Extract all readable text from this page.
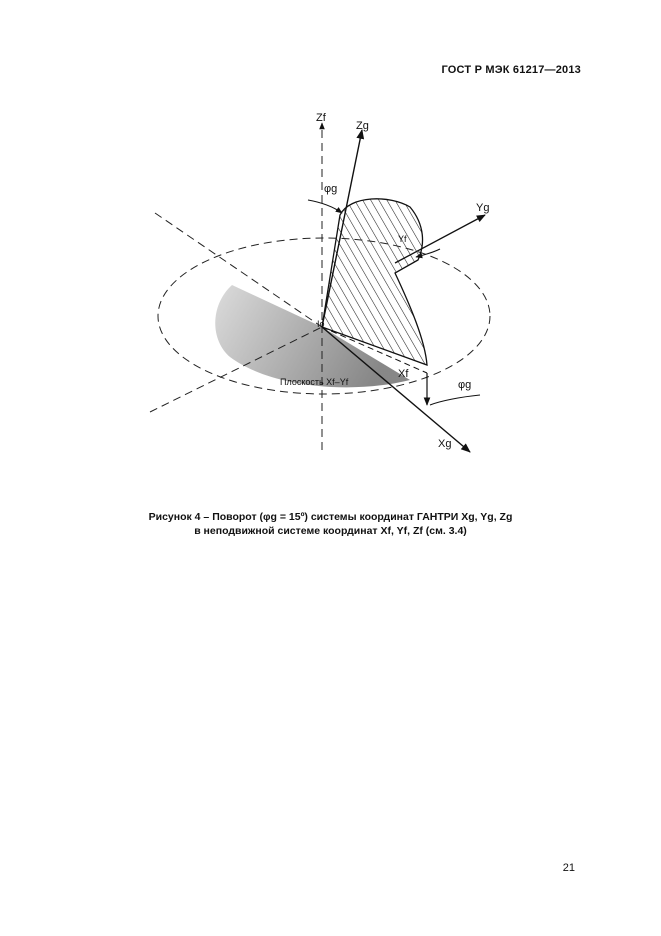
ГОСТ Р МЭК 61217—2013
Zf
Zg
Yg
Yf
Xf
Xg
Io
φg
φg
Плоскость Xf–Yf
Рисунок 4 – Поворот (φg = 15º) системы координат ГАНТРИ Xg, Yg, Zg
в неподвижной системе координат Xf, Yf, Zf (см. 3.4)
21
